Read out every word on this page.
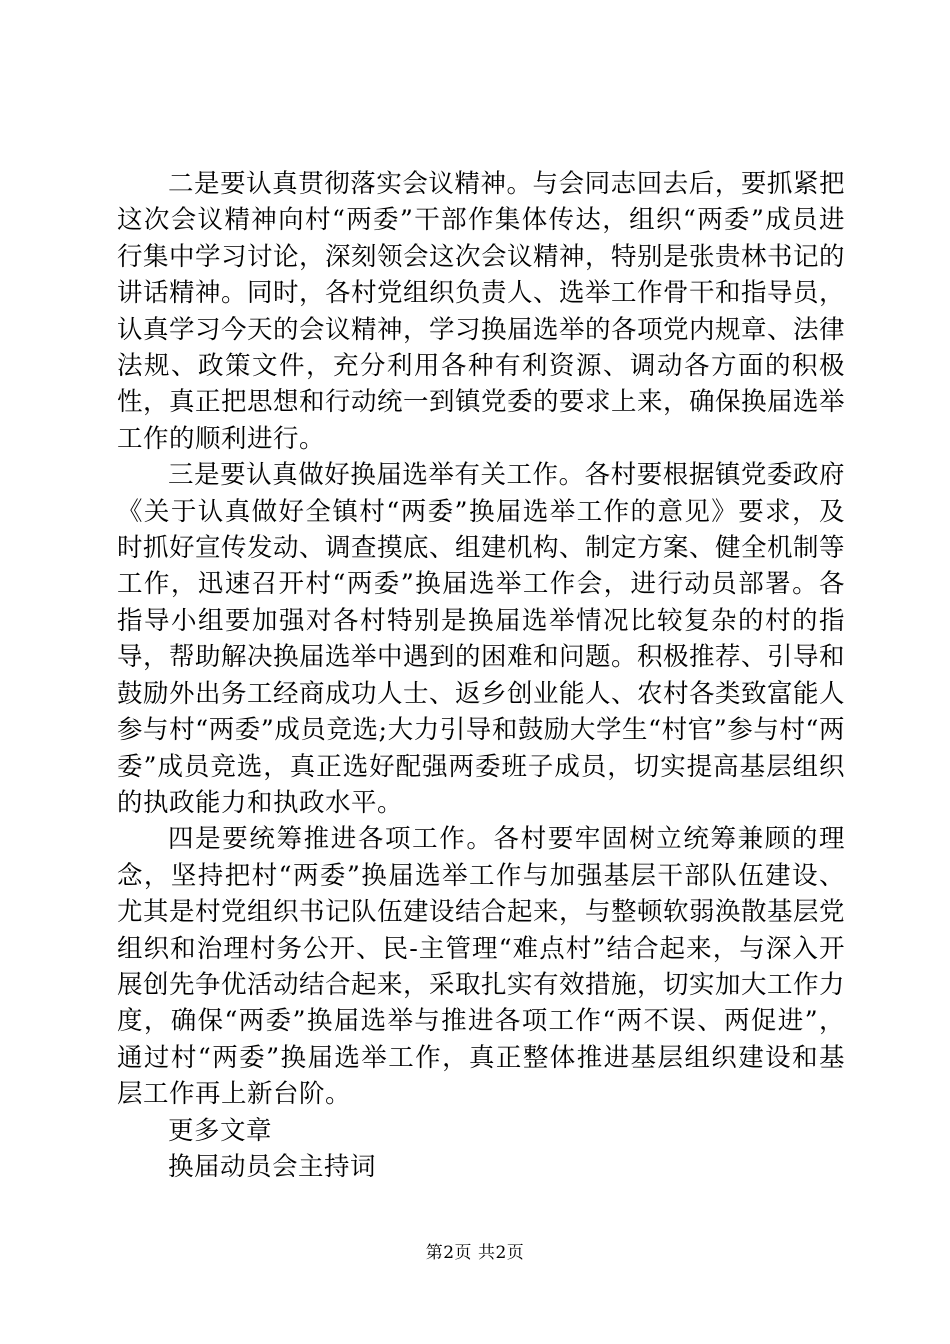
二是要认真贯彻落实会议精神。与会同志回去后，要抓紧把这次会议精神向村“两委”干部作集体传达，组织“两委”成员进行集中学习讨论，深刻领会这次会议精神，特别是张贵林书记的讲话精神。同时，各村党组织负责人、选举工作骨干和指导员，认真学习今天的会议精神，学习换届选举的各项党内规章、法律法规、政策文件，充分利用各种有利资源、调动各方面的积极性，真正把思想和行动统一到镇党委的要求上来，确保换届选举工作的顺利进行。

三是要认真做好换届选举有关工作。各村要根据镇党委政府《关于认真做好全镇村“两委”换届选举工作的意见》要求，及时抓好宣传发动、调查摸底、组建机构、制定方案、健全机制等工作，迅速召开村“两委”换届选举工作会，进行动员部署。各指导小组要加强对各村特别是换届选举情况比较复杂的村的指导，帮助解决换届选举中遇到的困难和问题。积极推荐、引导和鼓励外出务工经商成功人士、返乡创业能人、农村各类致富能人参与村“两委”成员竞选;大力引导和鼓励大学生“村官”参与村“两委”成员竞选，真正选好配强两委班子成员，切实提高基层组织的执政能力和执政水平。

四是要统筹推进各项工作。各村要牢固树立统筹兼顾的理念，坚持把村“两委”换届选举工作与加强基层干部队伍建设、尤其是村党组织书记队伍建设结合起来，与整顿软弱涣散基层党组织和治理村务公开、民-主管理“难点村”结合起来，与深入开展创先争优活动结合起来，采取扎实有效措施，切实加大工作力度，确保“两委”换届选举与推进各项工作“两不误、两促进”，通过村“两委”换届选举工作，真正整体推进基层组织建设和基层工作再上新台阶。

更多文章

换届动员会主持词

第2页 共2页
